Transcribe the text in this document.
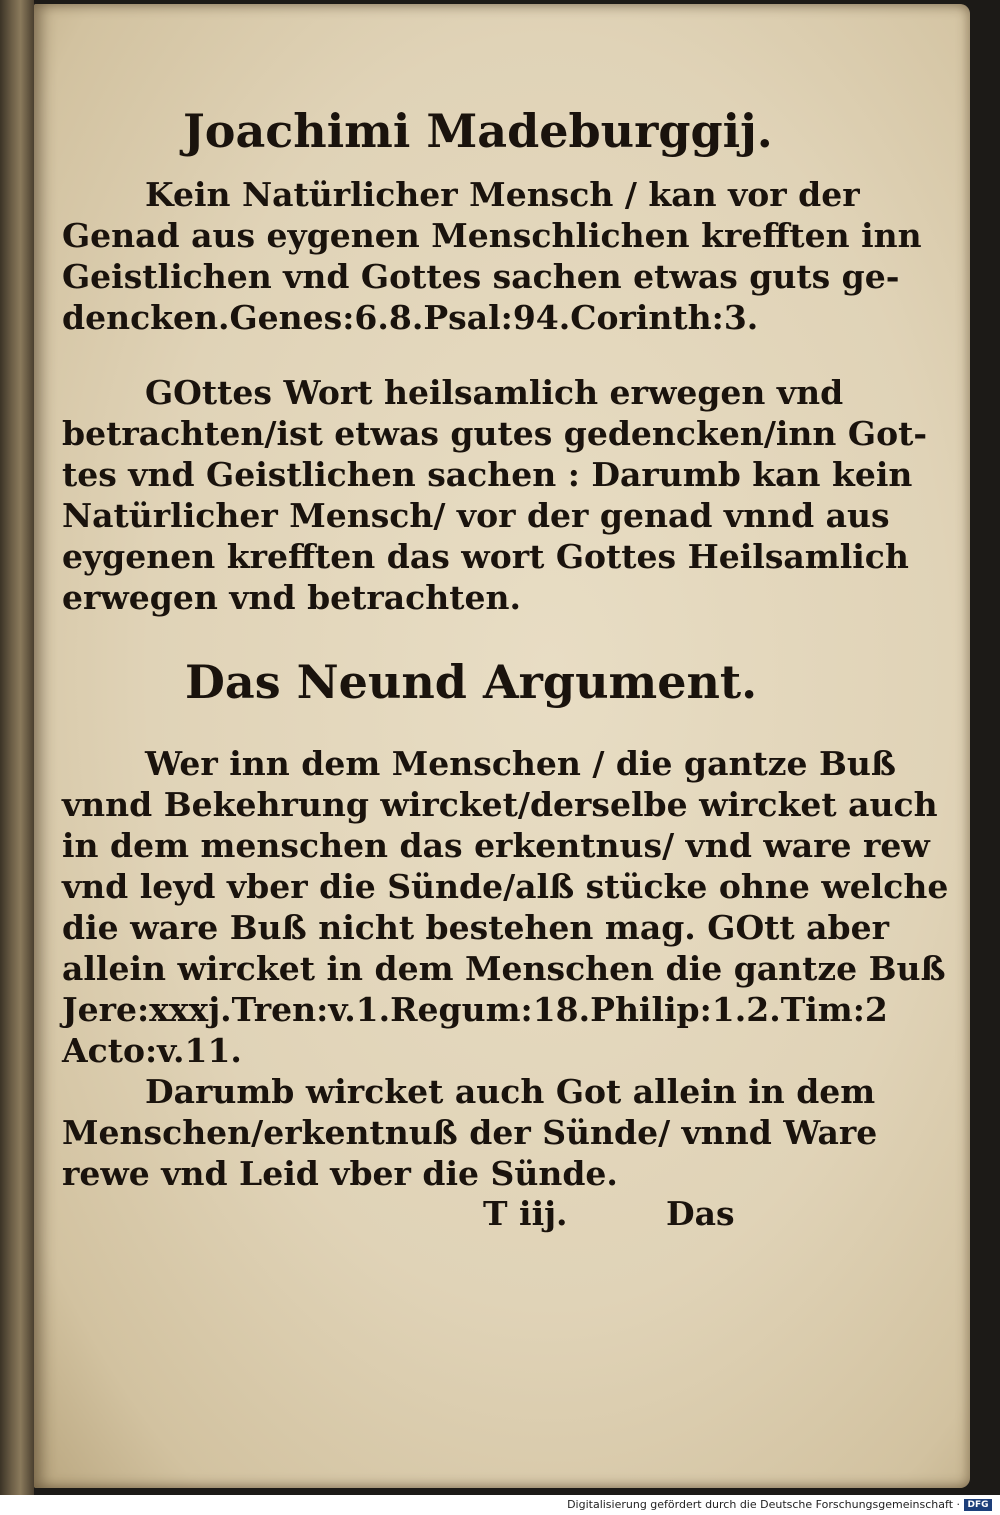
Joachimi Madeburggij.
Kein Natürlicher Mensch / kan vor der
Genad aus eygenen Menschlichen krefften inn
Geistlichen vnd Gottes sachen etwas guts ge-
dencken.Genes:6.8.Psal:94.Corinth:3.
GOttes Wort heilsamlich erwegen vnd
betrachten/ist etwas gutes gedencken/inn Got-
tes vnd Geistlichen sachen : Darumb kan kein
Natürlicher Mensch/ vor der genad vnnd aus
eygenen krefften das wort Gottes Heilsamlich
erwegen vnd betrachten.
Das Neund Argument.
Wer inn dem Menschen / die gantze Buß
vnnd Bekehrung wircket/derselbe wircket auch
in dem menschen das erkentnus/ vnd ware rew
vnd leyd vber die Sünde/alß stücke ohne welche
die ware Buß nicht bestehen mag. GOtt aber
allein wircket in dem Menschen die gantze Buß
Jere:xxxj.Tren:v.1.Regum:18.Philip:1.2.Tim:2
Acto:v.11.
Darumb wircket auch Got allein in dem
Menschen/erkentnuß der Sünde/ vnnd Ware
rewe vnd Leid vber die Sünde.
T iij.	Das
Digitalisierung gefördert durch die Deutsche Forschungsgemeinschaft · DFG
